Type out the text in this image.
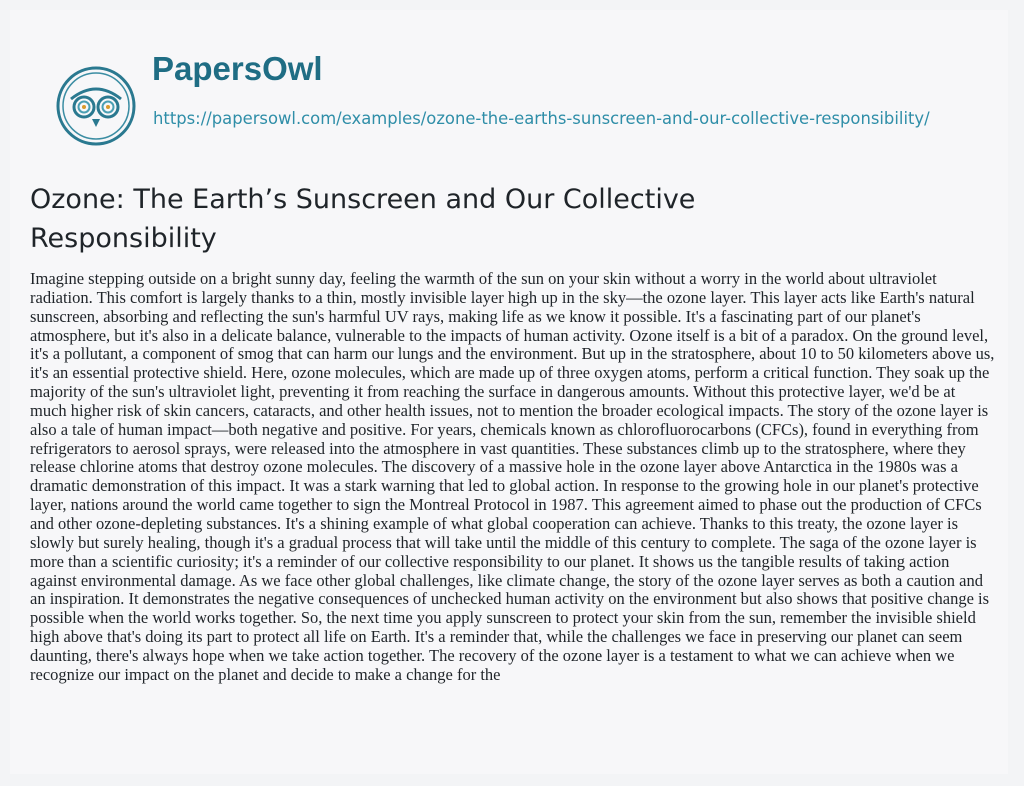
PapersOwl
https://papersowl.com/examples/ozone-the-earths-sunscreen-and-our-collective-responsibility/
Ozone: The Earth’s Sunscreen and Our Collective Responsibility

Imagine stepping outside on a bright sunny day, feeling the warmth of the sun on your skin without a worry in the world about ultraviolet radiation. This comfort is largely thanks to a thin, mostly invisible layer high up in the sky—the ozone layer. This layer acts like Earth's natural sunscreen, absorbing and reflecting the sun's harmful UV rays, making life as we know it possible. It's a fascinating part of our planet's atmosphere, but it's also in a delicate balance, vulnerable to the impacts of human activity. Ozone itself is a bit of a paradox. On the ground level, it's a pollutant, a component of smog that can harm our lungs and the environment. But up in the stratosphere, about 10 to 50 kilometers above us, it's an essential protective shield. Here, ozone molecules, which are made up of three oxygen atoms, perform a critical function. They soak up the majority of the sun's ultraviolet light, preventing it from reaching the surface in dangerous amounts. Without this protective layer, we'd be at much higher risk of skin cancers, cataracts, and other health issues, not to mention the broader ecological impacts. The story of the ozone layer is also a tale of human impact—both negative and positive. For years, chemicals known as chlorofluorocarbons (CFCs), found in everything from refrigerators to aerosol sprays, were released into the atmosphere in vast quantities. These substances climb up to the stratosphere, where they release chlorine atoms that destroy ozone molecules. The discovery of a massive hole in the ozone layer above Antarctica in the 1980s was a dramatic demonstration of this impact. It was a stark warning that led to global action. In response to the growing hole in our planet's protective layer, nations around the world came together to sign the Montreal Protocol in 1987. This agreement aimed to phase out the production of CFCs and other ozone-depleting substances. It's a shining example of what global cooperation can achieve. Thanks to this treaty, the ozone layer is slowly but surely healing, though it's a gradual process that will take until the middle of this century to complete. The saga of the ozone layer is more than a scientific curiosity; it's a reminder of our collective responsibility to our planet. It shows us the tangible results of taking action against environmental damage. As we face other global challenges, like climate change, the story of the ozone layer serves as both a caution and an inspiration. It demonstrates the negative consequences of unchecked human activity on the environment but also shows that positive change is possible when the world works together. So, the next time you apply sunscreen to protect your skin from the sun, remember the invisible shield high above that's doing its part to protect all life on Earth. It's a reminder that, while the challenges we face in preserving our planet can seem daunting, there's always hope when we take action together. The recovery of the ozone layer is a testament to what we can achieve when we recognize our impact on the planet and decide to make a change for the
